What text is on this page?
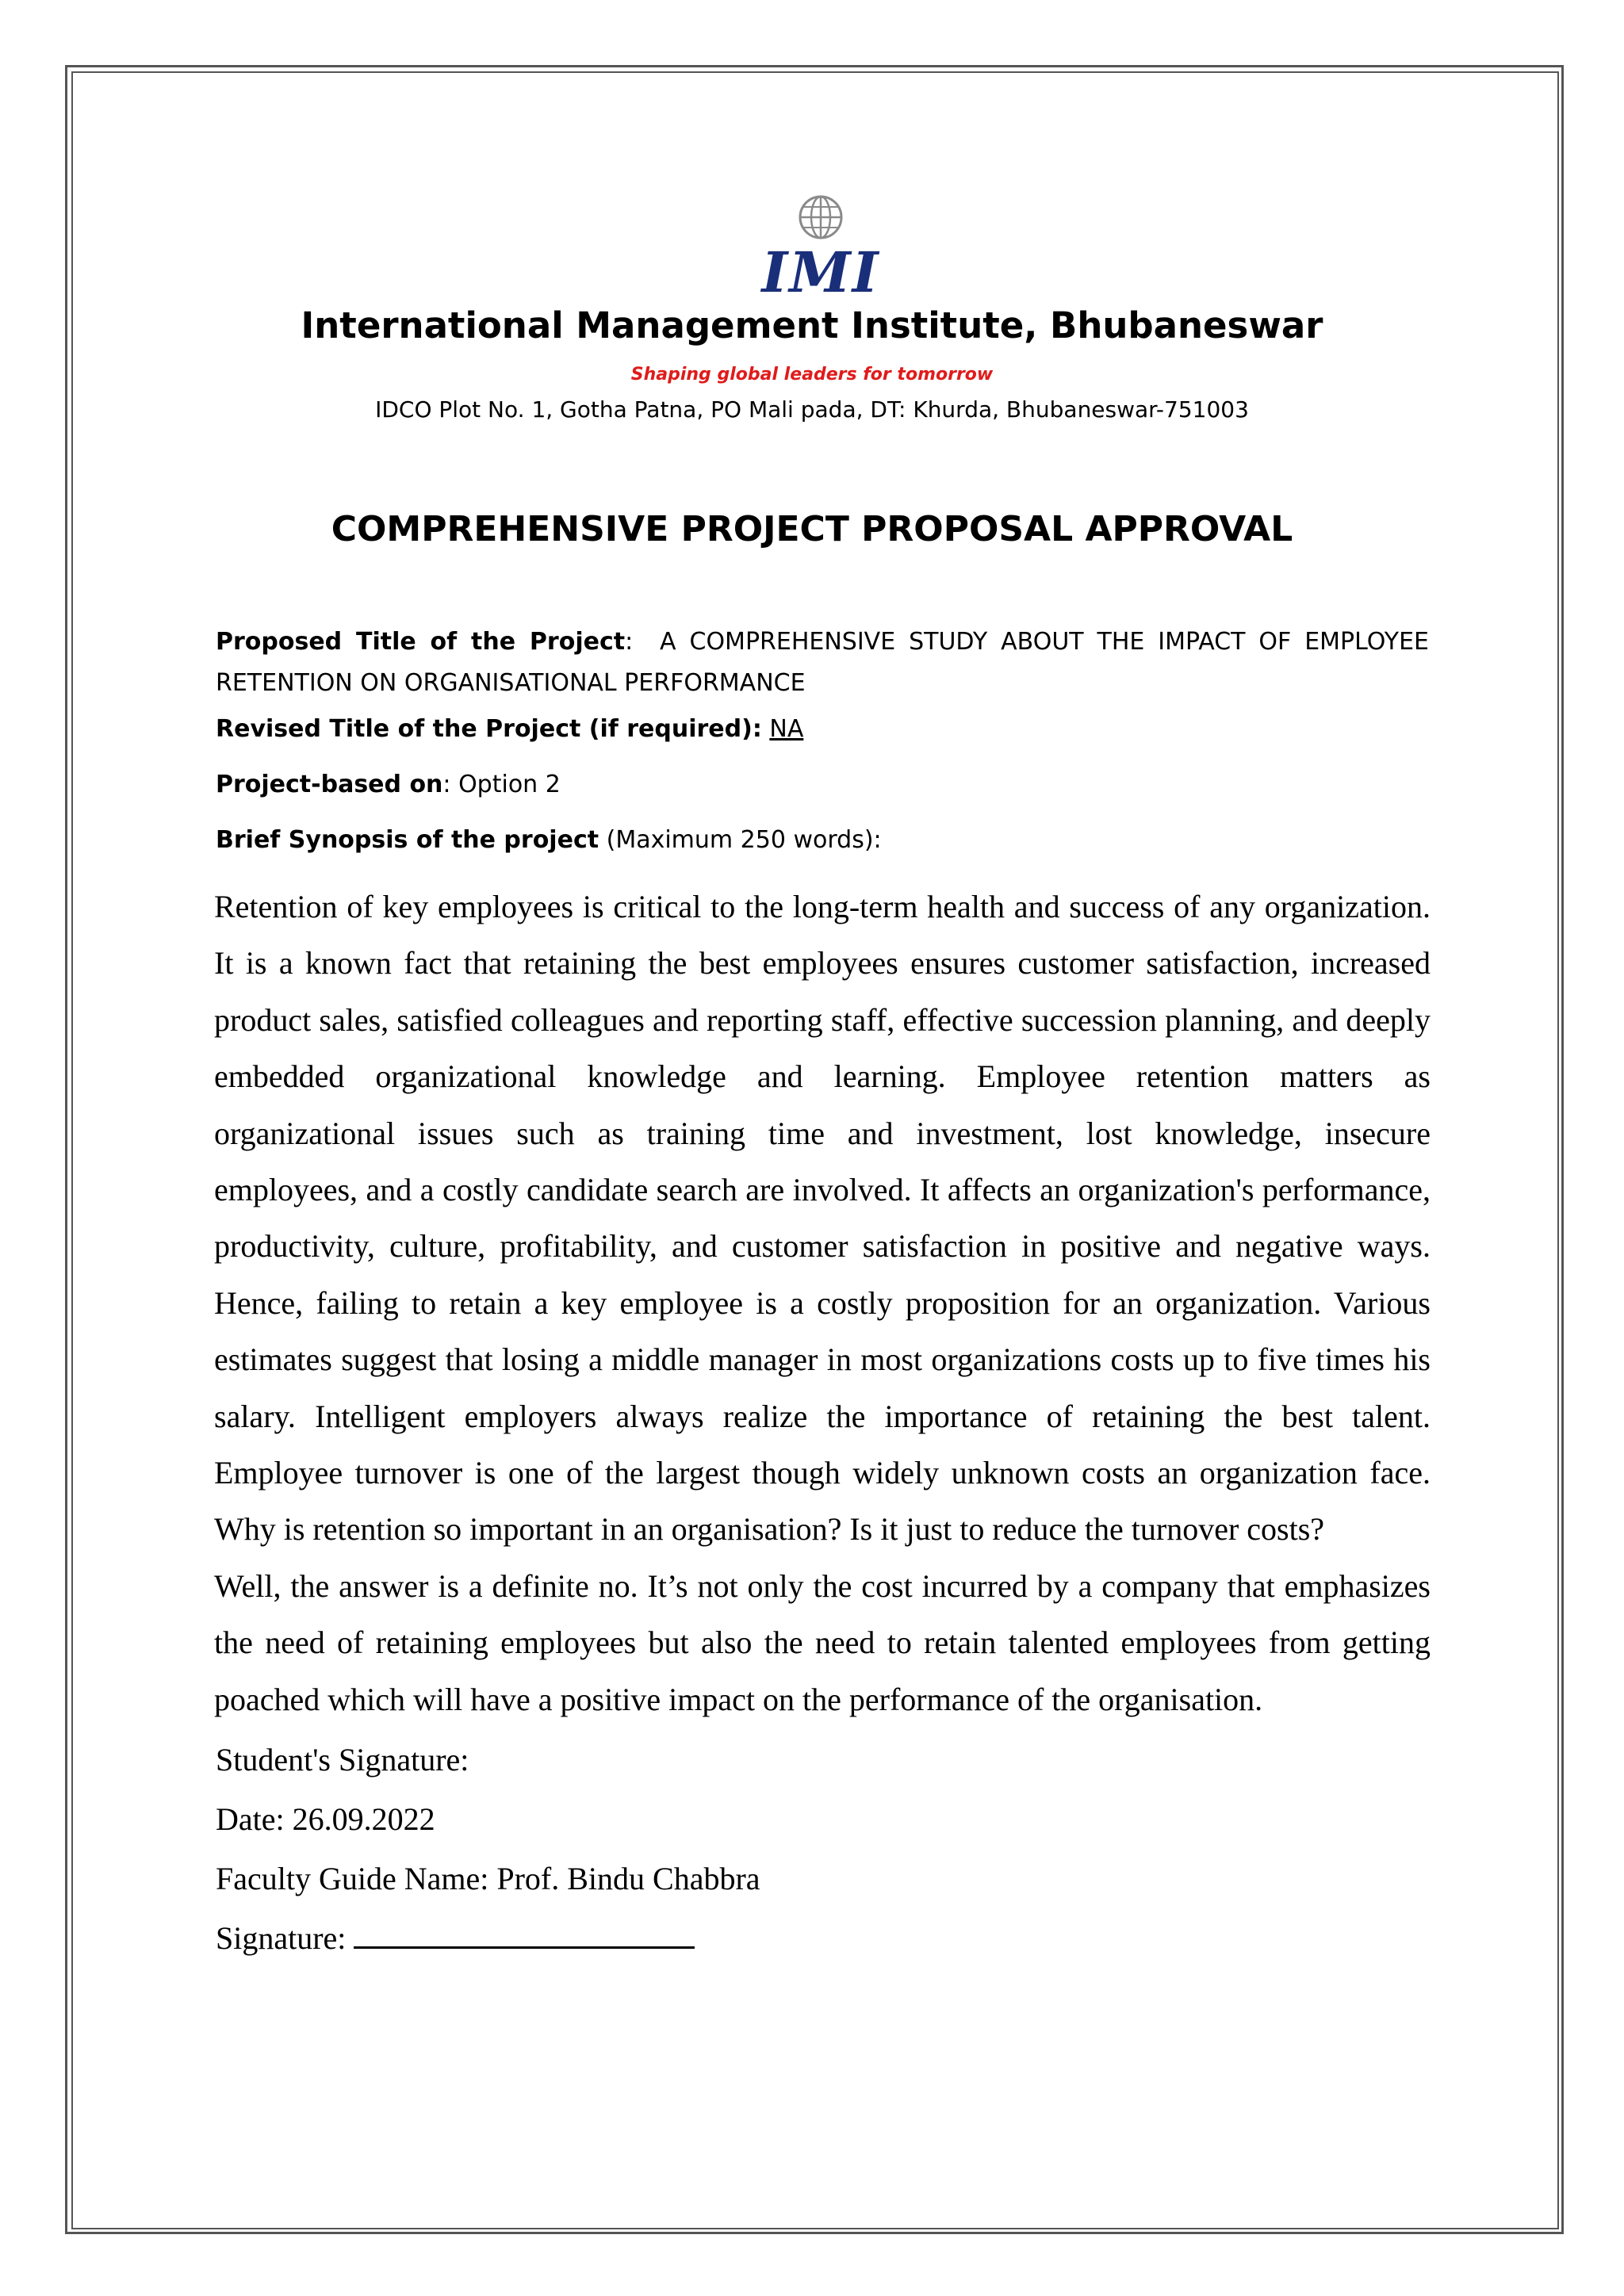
IMI
International Management Institute, Bhubaneswar
Shaping global leaders for tomorrow
IDCO Plot No. 1, Gotha Patna, PO Mali pada, DT: Khurda, Bhubaneswar-751003
COMPREHENSIVE PROJECT PROPOSAL APPROVAL

Proposed Title of the Project: A COMPREHENSIVE STUDY ABOUT THE IMPACT OF EMPLOYEE

RETENTION ON ORGANISATIONAL PERFORMANCE

Revised Title of the Project (if required): NA

Project-based on: Option 2

Brief Synopsis of the project (Maximum 250 words):

Retention of key employees is critical to the long-term health and success of any organization. It is a known fact that retaining the best employees ensures customer satisfaction, increased product sales, satisfied colleagues and reporting staff, effective succession planning, and deeply embedded organizational knowledge and learning. Employee retention matters as organizational issues such as training time and investment, lost knowledge, insecure employees, and a costly candidate search are involved. It affects an organization's performance, productivity, culture, profitability, and customer satisfaction in positive and negative ways. Hence, failing to retain a key employee is a costly proposition for an organization. Various estimates suggest that losing a middle manager in most organizations costs up to five times his salary. Intelligent employers always realize the importance of retaining the best talent. Employee turnover is one of the largest though widely unknown costs an organization face. Why is retention so important in an organisation? Is it just to reduce the turnover costs?

Well, the answer is a definite no. It’s not only the cost incurred by a company that emphasizes the need of retaining employees but also the need to retain talented employees from getting poached which will have a positive impact on the performance of the organisation.

Student's Signature:
Date: 26.09.2022
Faculty Guide Name: Prof. Bindu Chabbra
Signature:
